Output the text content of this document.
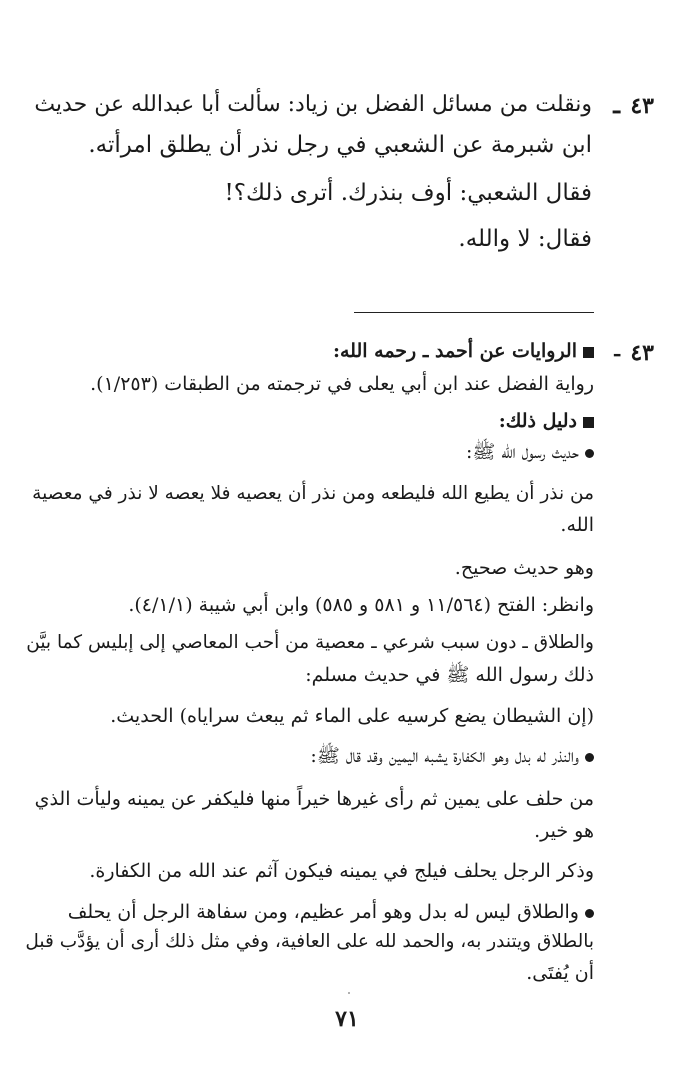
٤٣
ـ
ونقلت من مسائل الفضل بن زياد: سألت أبا عبدالله عن حديث
ابن شبرمة عن الشعبي في رجل نذر أن يطلق امرأته.
فقال الشعبي: أوف بنذرك. أترى ذلك؟!
فقال: لا والله.
٤٣
ـ
الروايات عن أحمد ـ رحمه الله:
رواية الفضل عند ابن أبي يعلى في ترجمته من الطبقات (١/٢٥٣).
دليل ذلك:
حديث رسول الله ﷺ:
من نذر أن يطيع الله فليطعه ومن نذر أن يعصيه فلا يعصه لا نذر في معصية
الله.
وهو حديث صحيح.
وانظر: الفتح (١١/٥٦٤ و ٥٨١ و ٥٨٥) وابن أبي شيبة (٤/١/١).
والطلاق ـ دون سبب شرعي ـ معصية من أحب المعاصي إلى إبليس كما بيَّن
ذلك رسول الله ﷺ في حديث مسلم:
(إن الشيطان يضع كرسيه على الماء ثم يبعث سراياه) الحديث.
والنذر له بدل وهو الكفارة يشبه اليمين وقد قال ﷺ:
من حلف على يمين ثم رأى غيرها خيراً منها فليكفر عن يمينه وليأت الذي
هو خير.
وذكر الرجل يحلف فيلج في يمينه فيكون آثم عند الله من الكفارة.
والطلاق ليس له بدل وهو أمر عظيم، ومن سفاهة الرجل أن يحلف
بالطلاق ويتندر به، والحمد لله على العافية، وفي مثل ذلك أرى أن يؤدَّب قبل
أن يُفتَى.
٧١
